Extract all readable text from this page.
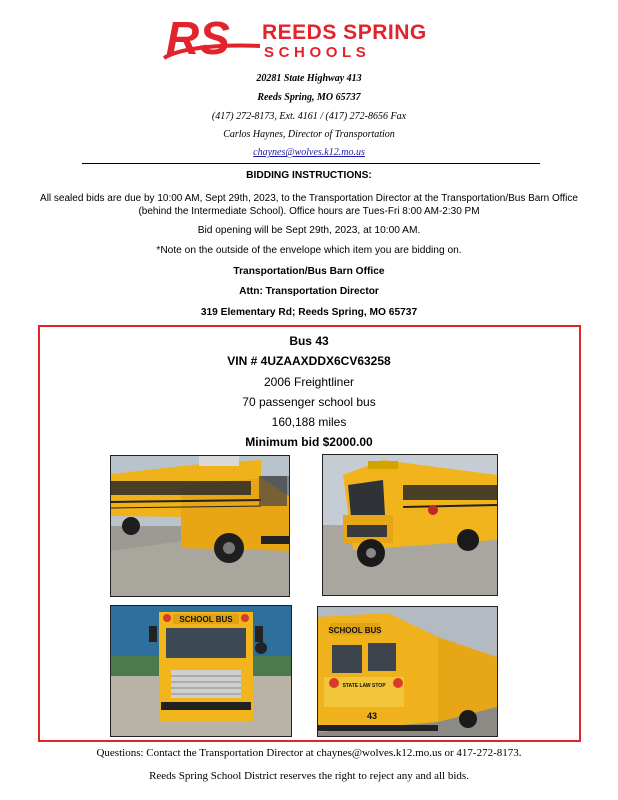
RS REEDS SPRING
SCHOOLS
20281 State Highway 413
Reeds Spring, MO 65737
(417) 272-8173, Ext. 4161 / (417) 272-8656 Fax
Carlos Haynes, Director of Transportation
chaynes@wolves.k12.mo.us
BIDDING INSTRUCTIONS:
All sealed bids are due by 10:00 AM, Sept 29th, 2023, to the Transportation Director at the Transportation/Bus Barn Office (behind the Intermediate School). Office hours are Tues-Fri 8:00 AM-2:30 PM
Bid opening will be Sept 29th, 2023, at 10:00 AM.
*Note on the outside of the envelope which item you are bidding on.
Transportation/Bus Barn Office
Attn: Transportation Director
319 Elementary Rd; Reeds Spring, MO 65737
Bus 43
VIN # 4UZAAXDDX6CV63258
2006 Freightliner
70 passenger school bus
160,188 miles
Minimum bid $2000.00
SCHOOL BUS
SCHOOL BUS
STATE LAW STOP
43
Questions: Contact the Transportation Director at chaynes@wolves.k12.mo.us or 417-272-8173.
Reeds Spring School District reserves the right to reject any and all bids.
